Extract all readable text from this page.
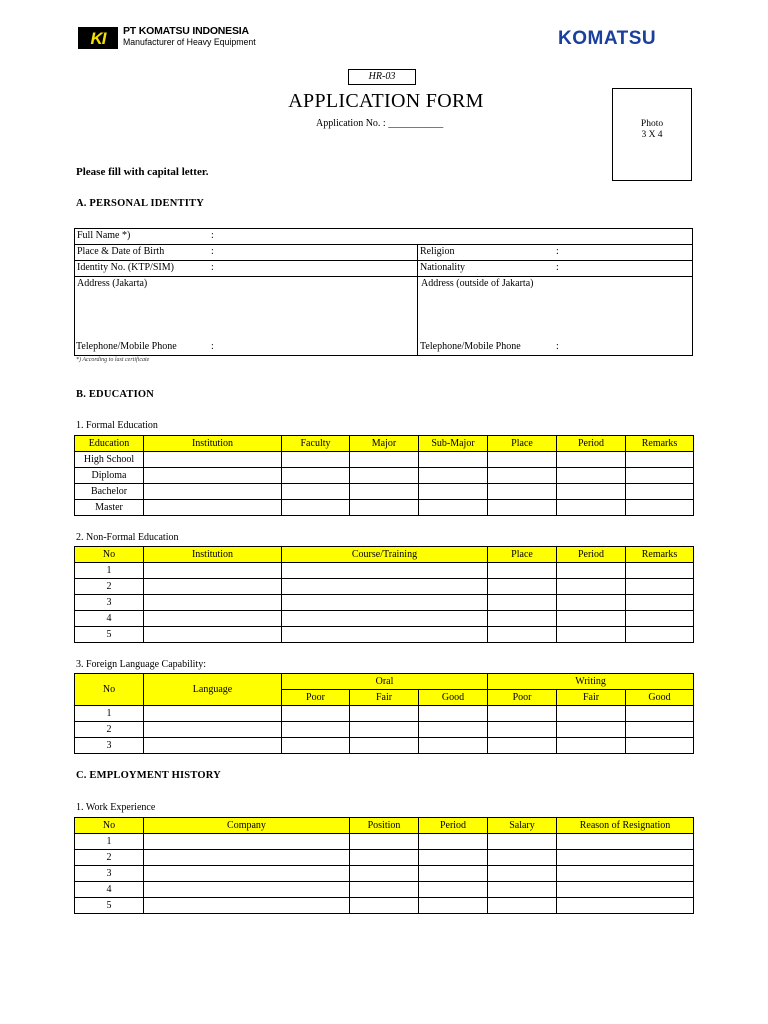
KI PT KOMATSU INDONESIA
Manufacturer of Heavy Equipment	KOMATSU
HR-03
APPLICATION FORM
Application No. : ___________	Photo
3 X 4
Please fill with capital letter.
A. PERSONAL IDENTITY
Full Name *)	:
Place & Date of Birth	:	Religion	:
Identity No. (KTP/SIM)	:	Nationality	:
Address (Jakarta)	Address (outside of Jakarta)
Telephone/Mobile Phone	:	Telephone/Mobile Phone	:
*) According to last certificate
B. EDUCATION
1. Formal Education
Education	Institution	Faculty	Major	Sub-Major	Place	Period	Remarks
High School							
Diploma							
Bachelor							
Master							
2. Non-Formal Education
No	Institution	Course/Training	Place	Period	Remarks
1					
2					
3					
4					
5					
3. Foreign Language Capability:
No	Language	Oral			Writing		
		Poor	Fair	Good	Poor	Fair	Good
1							
2							
3							
C. EMPLOYMENT HISTORY
1. Work Experience
No	Company	Position	Period	Salary	Reason of Resignation
1					
2					
3					
4					
5					
